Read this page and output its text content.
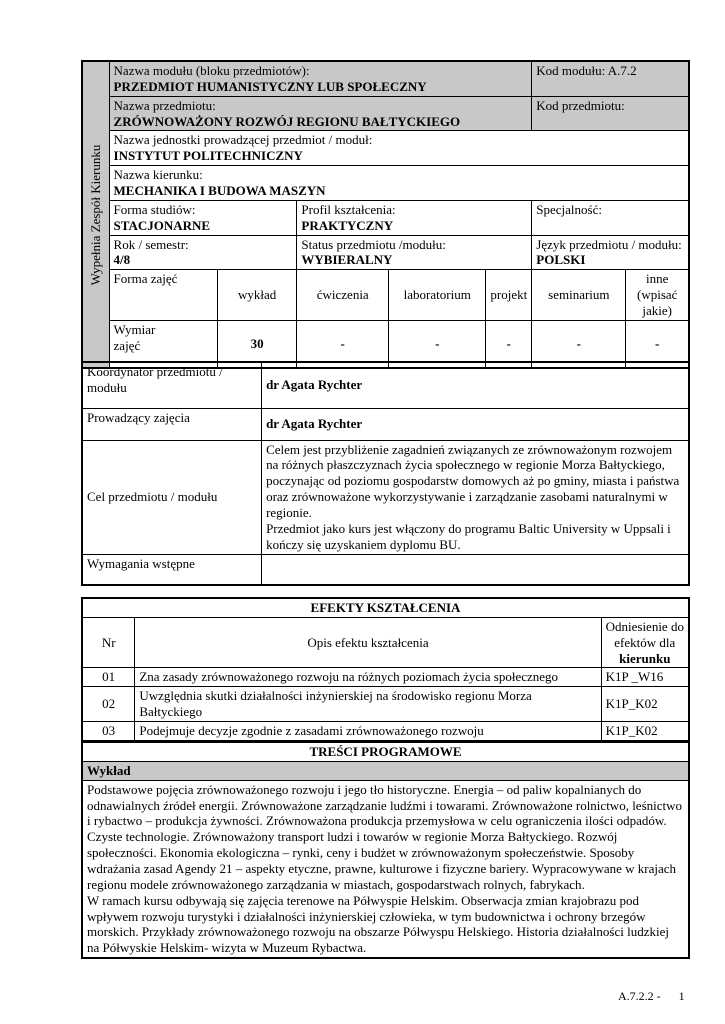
Wypełnia Zespół Kierunku	Nazwa modułu (bloku przedmiotów):
PRZEDMIOT HUMANISTYCZNY LUB SPOŁECZNY					Kod modułu: A.7.2	

	Nazwa przedmiotu:
ZRÓWNOWAŻONY ROZWÓJ REGIONU BAŁTYCKIEGO					Kod przedmiotu:	

	Nazwa jednostki prowadzącej przedmiot / moduł:
INSTYTUT POLITECHNICZNY						

	Nazwa kierunku:
MECHANIKA I BUDOWA MASZYN						

	Forma studiów:
STACJONARNE		Profil kształcenia:
PRAKTYCZNY			Specjalność:	

	Rok / semestr:
4/8		Status przedmiotu /modułu:
WYBIERALNY			Język przedmiotu / modułu:
POLSKI	

	Forma zajęć	wykład	ćwiczenia	laboratorium	projekt	seminarium	inne (wpisać jakie)
	Wymiar zajęć	30	-	-	-	-	-
Koordynator przedmiotu / modułu	dr Agata Rychter
Prowadzący zajęcia	dr Agata Rychter
Cel przedmiotu / modułu	Celem jest przybliżenie zagadnień związanych ze zrównoważonym rozwojem na różnych płaszczyznach życia społecznego w regionie Morza Bałtyckiego, poczynając od poziomu gospodarstw domowych aż po gminy, miasta i państwa oraz zrównoważone wykorzystywanie i zarządzanie zasobami naturalnymi w regionie.
Przedmiot jako kurs jest włączony do programu Baltic University w Uppsali i kończy się uzyskaniem dyplomu BU.

Wymagania wstępne	
EFEKTY KSZTAŁCENIA		
Nr	Opis efektu kształcenia	Odniesienie do efektów dla kierunku
01	Zna zasady zrównoważonego rozwoju na różnych poziomach życia społecznego	K1P _W16
02	Uwzględnia skutki działalności inżynierskiej na środowisko regionu Morza Bałtyckiego	K1P_K02
03	Podejmuje decyzje zgodnie z zasadami zrównoważonego rozwoju	K1P_K02
TREŚCI PROGRAMOWE
Wykład

Podstawowe pojęcia zrównoważonego rozwoju i jego tło historyczne. Energia – od paliw kopalnianych do odnawialnych źródeł energii. Zrównoważone zarządzanie ludźmi i towarami. Zrównoważone rolnictwo, leśnictwo i rybactwo – produkcja żywności. Zrównoważona produkcja przemysłowa w celu ograniczenia ilości odpadów. Czyste technologie. Zrównoważony transport ludzi i towarów w regionie Morza Bałtyckiego. Rozwój społeczności. Ekonomia ekologiczna – rynki, ceny i budżet w zrównoważonym społeczeństwie. Sposoby wdrażania zasad Agendy 21 – aspekty etyczne, prawne, kulturowe i fizyczne bariery. Wypracowywane w krajach regionu modele zrównoważonego zarządzania w miastach, gospodarstwach rolnych, fabrykach.
W ramach kursu odbywają się zajęcia terenowe na Półwyspie Helskim. Obserwacja zmian krajobrazu pod wpływem rozwoju turystyki i działalności inżynierskiej człowieka, w tym budownictwa i ochrony brzegów morskich. Przykłady zrównoważonego rozwoju na obszarze Półwyspu Helskiego. Historia działalności ludzkiej na Półwyskie Helskim- wizyta w Muzeum Rybactwa.
A.7.2.2 - 1
